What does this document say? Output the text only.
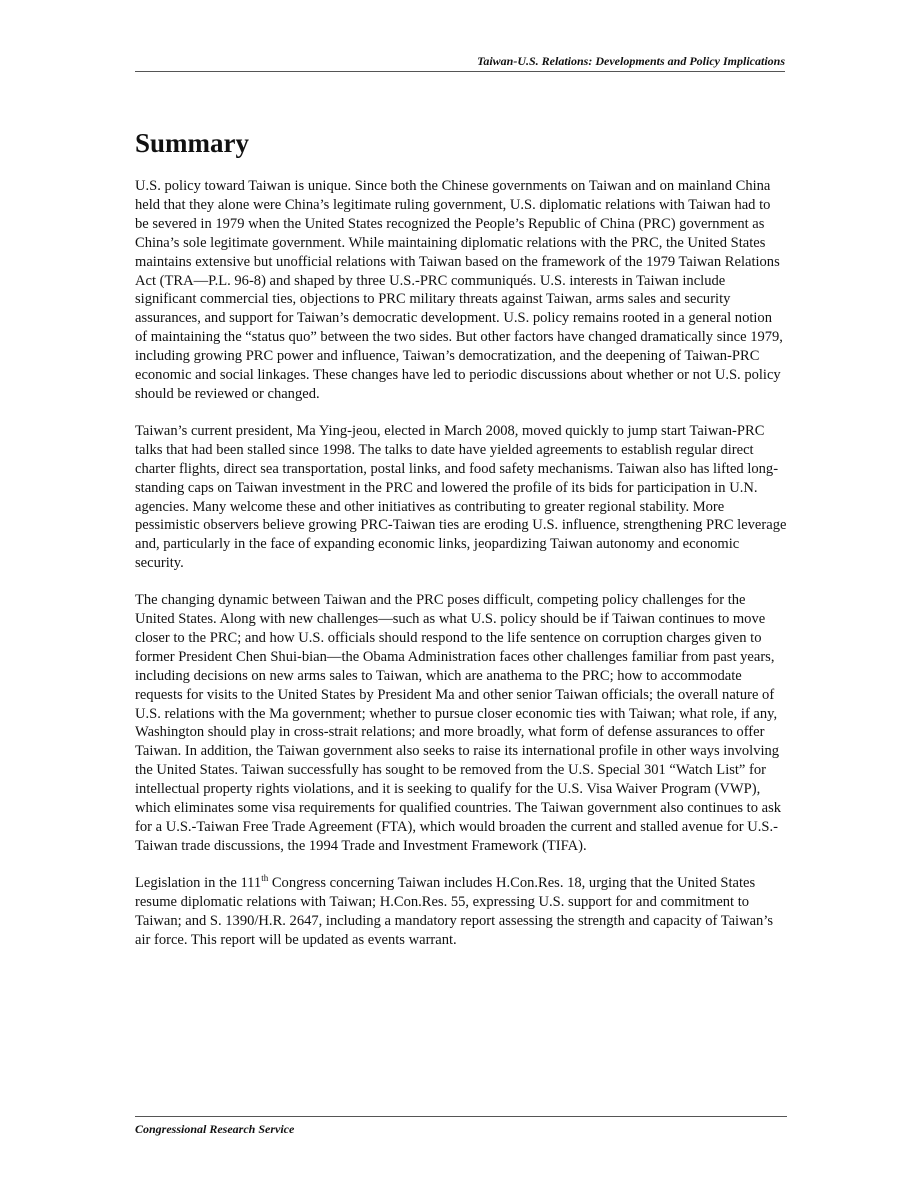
Taiwan-U.S. Relations: Developments and Policy Implications
Summary

U.S. policy toward Taiwan is unique. Since both the Chinese governments on Taiwan and on mainland China held that they alone were China’s legitimate ruling government, U.S. diplomatic relations with Taiwan had to be severed in 1979 when the United States recognized the People’s Republic of China (PRC) government as China’s sole legitimate government. While maintaining diplomatic relations with the PRC, the United States maintains extensive but unofficial relations with Taiwan based on the framework of the 1979 Taiwan Relations Act (TRA—P.L. 96-8) and shaped by three U.S.-PRC communiqués. U.S. interests in Taiwan include significant commercial ties, objections to PRC military threats against Taiwan, arms sales and security assurances, and support for Taiwan’s democratic development. U.S. policy remains rooted in a general notion of maintaining the “status quo” between the two sides. But other factors have changed dramatically since 1979, including growing PRC power and influence, Taiwan’s democratization, and the deepening of Taiwan-PRC economic and social linkages. These changes have led to periodic discussions about whether or not U.S. policy should be reviewed or changed.

Taiwan’s current president, Ma Ying-jeou, elected in March 2008, moved quickly to jump start Taiwan-PRC talks that had been stalled since 1998. The talks to date have yielded agreements to establish regular direct charter flights, direct sea transportation, postal links, and food safety mechanisms. Taiwan also has lifted long-standing caps on Taiwan investment in the PRC and lowered the profile of its bids for participation in U.N. agencies. Many welcome these and other initiatives as contributing to greater regional stability. More pessimistic observers believe growing PRC-Taiwan ties are eroding U.S. influence, strengthening PRC leverage and, particularly in the face of expanding economic links, jeopardizing Taiwan autonomy and economic security.

The changing dynamic between Taiwan and the PRC poses difficult, competing policy challenges for the United States. Along with new challenges—such as what U.S. policy should be if Taiwan continues to move closer to the PRC; and how U.S. officials should respond to the life sentence on corruption charges given to former President Chen Shui-bian—the Obama Administration faces other challenges familiar from past years, including decisions on new arms sales to Taiwan, which are anathema to the PRC; how to accommodate requests for visits to the United States by President Ma and other senior Taiwan officials; the overall nature of U.S. relations with the Ma government; whether to pursue closer economic ties with Taiwan; what role, if any, Washington should play in cross-strait relations; and more broadly, what form of defense assurances to offer Taiwan. In addition, the Taiwan government also seeks to raise its international profile in other ways involving the United States. Taiwan successfully has sought to be removed from the U.S. Special 301 “Watch List” for intellectual property rights violations, and it is seeking to qualify for the U.S. Visa Waiver Program (VWP), which eliminates some visa requirements for qualified countries. The Taiwan government also continues to ask for a U.S.-Taiwan Free Trade Agreement (FTA), which would broaden the current and stalled avenue for U.S.-Taiwan trade discussions, the 1994 Trade and Investment Framework (TIFA).

Legislation in the 111th Congress concerning Taiwan includes H.Con.Res. 18, urging that the United States resume diplomatic relations with Taiwan; H.Con.Res. 55, expressing U.S. support for and commitment to Taiwan; and S. 1390/H.R. 2647, including a mandatory report assessing the strength and capacity of Taiwan’s air force. This report will be updated as events warrant.

Congressional Research Service
